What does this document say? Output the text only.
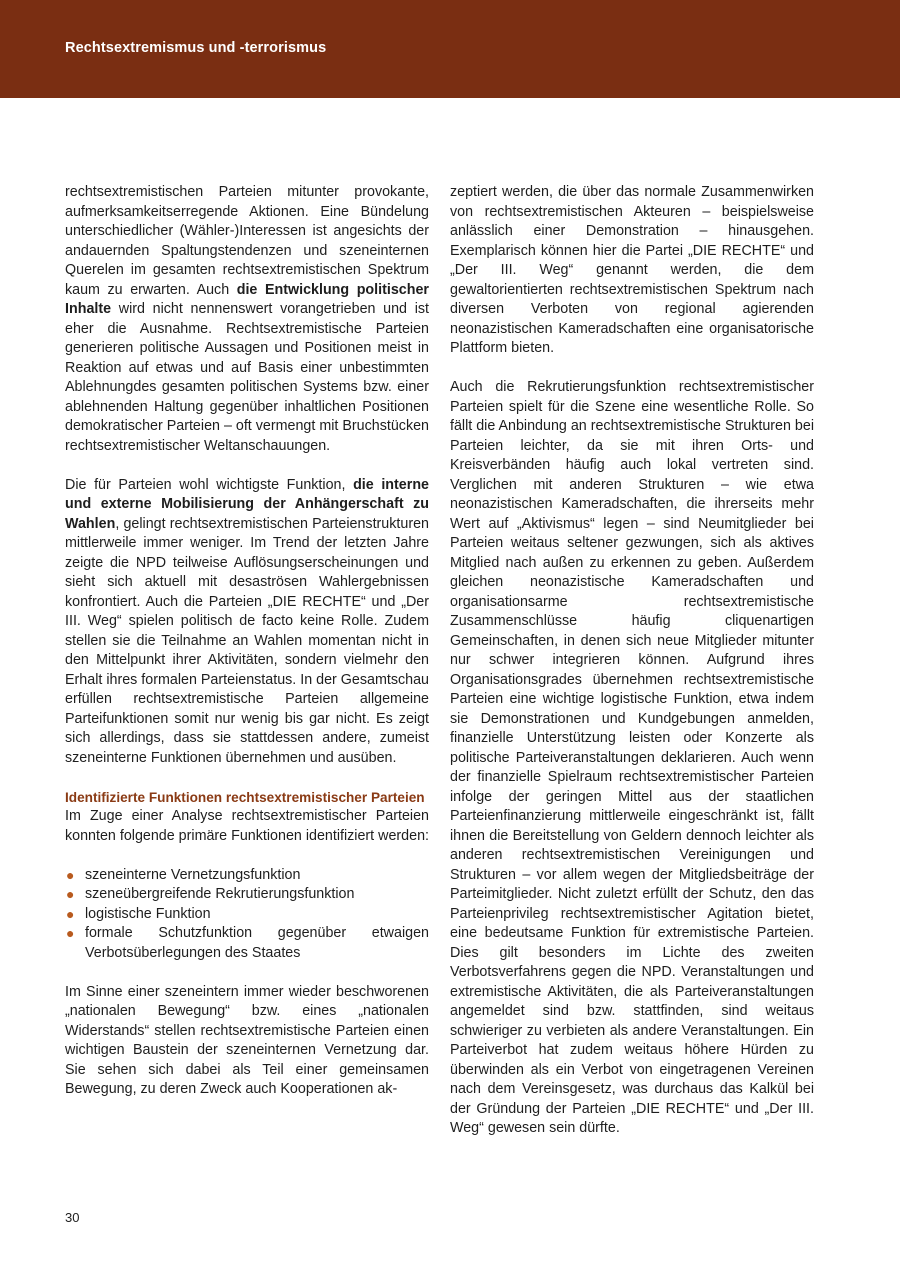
Rechtsextremismus und -terrorismus

rechtsextremistischen Parteien mitunter provokante, aufmerksamkeitserregende Aktionen. Eine Bündelung unterschiedlicher (Wähler-)Interessen ist angesichts der andauernden Spaltungstendenzen und szeneinternen Querelen im gesamten rechtsextremistischen Spektrum kaum zu erwarten. Auch die Entwicklung politischer Inhalte wird nicht nennenswert vorangetrieben und ist eher die Ausnahme. Rechtsextremistische Parteien generieren politische Aussagen und Positionen meist in Reaktion auf etwas und auf Basis einer unbestimmten Ablehnungdes gesamten politischen Systems bzw. einer ablehnenden Haltung gegenüber inhaltlichen Positionen demokratischer Parteien – oft vermengt mit Bruchstücken rechtsextremistischer Weltanschauungen.

Die für Parteien wohl wichtigste Funktion, die interne und externe Mobilisierung der Anhängerschaft zu Wahlen, gelingt rechtsextremistischen Parteienstrukturen mittlerweile immer weniger. Im Trend der letzten Jahre zeigte die NPD teilweise Auflösungserscheinungen und sieht sich aktuell mit desaströsen Wahlergebnissen konfrontiert. Auch die Parteien „DIE RECHTE“ und „Der III. Weg“ spielen politisch de facto keine Rolle. Zudem stellen sie die Teilnahme an Wahlen momentan nicht in den Mittelpunkt ihrer Aktivitäten, sondern vielmehr den Erhalt ihres formalen Parteienstatus. In der Gesamtschau erfüllen rechtsextremistische Parteien allgemeine Parteifunktionen somit nur wenig bis gar nicht. Es zeigt sich allerdings, dass sie stattdessen andere, zumeist szeneinterne Funktionen übernehmen und ausüben.

Identifizierte Funktionen rechtsextremistischer Parteien

Im Zuge einer Analyse rechtsextremistischer Parteien konnten folgende primäre Funktionen identifiziert werden:

● szeneinterne Vernetzungsfunktion
● szeneübergreifende Rekrutierungsfunktion
● logistische Funktion
● formale Schutzfunktion gegenüber etwaigen Verbotsüberlegungen des Staates

Im Sinne einer szeneintern immer wieder beschworenen „nationalen Bewegung“ bzw. eines „nationalen Widerstands“ stellen rechtsextremistische Parteien einen wichtigen Baustein der szeneinternen Vernetzung dar. Sie sehen sich dabei als Teil einer gemeinsamen Bewegung, zu deren Zweck auch Kooperationen ak-

zeptiert werden, die über das normale Zusammenwirken von rechtsextremistischen Akteuren – beispielsweise anlässlich einer Demonstration – hinausgehen. Exemplarisch können hier die Partei „DIE RECHTE“ und „Der III. Weg“ genannt werden, die dem gewaltorientierten rechtsextremistischen Spektrum nach diversen Verboten von regional agierenden neonazistischen Kameradschaften eine organisatorische Plattform bieten.

Auch die Rekrutierungsfunktion rechtsextremistischer Parteien spielt für die Szene eine wesentliche Rolle. So fällt die Anbindung an rechtsextremistische Strukturen bei Parteien leichter, da sie mit ihren Orts- und Kreisverbänden häufig auch lokal vertreten sind. Verglichen mit anderen Strukturen – wie etwa neonazistischen Kameradschaften, die ihrerseits mehr Wert auf „Aktivismus“ legen – sind Neumitglieder bei Parteien weitaus seltener gezwungen, sich als aktives Mitglied nach außen zu erkennen zu geben. Außerdem gleichen neonazistische Kameradschaften und organisationsarme rechtsextremistische Zusammenschlüsse häufig cliquenartigen Gemeinschaften, in denen sich neue Mitglieder mitunter nur schwer integrieren können. Aufgrund ihres Organisationsgrades übernehmen rechtsextremistische Parteien eine wichtige logistische Funktion, etwa indem sie Demonstrationen und Kundgebungen anmelden, finanzielle Unterstützung leisten oder Konzerte als politische Parteiveranstaltungen deklarieren. Auch wenn der finanzielle Spielraum rechtsextremistischer Parteien infolge der geringen Mittel aus der staatlichen Parteienfinanzierung mittlerweile eingeschränkt ist, fällt ihnen die Bereitstellung von Geldern dennoch leichter als anderen rechtsextremistischen Vereinigungen und Strukturen – vor allem wegen der Mitgliedsbeiträge der Parteimitglieder. Nicht zuletzt erfüllt der Schutz, den das Parteienprivileg rechtsextremistischer Agitation bietet, eine bedeutsame Funktion für extremistische Parteien. Dies gilt besonders im Lichte des zweiten Verbotsverfahrens gegen die NPD. Veranstaltungen und extremistische Aktivitäten, die als Parteiveranstaltungen angemeldet sind bzw. stattfinden, sind weitaus schwieriger zu verbieten als andere Veranstaltungen. Ein Parteiverbot hat zudem weitaus höhere Hürden zu überwinden als ein Verbot von eingetragenen Vereinen nach dem Vereinsgesetz, was durchaus das Kalkül bei der Gründung der Parteien „DIE RECHTE“ und „Der III. Weg“ gewesen sein dürfte.

30
